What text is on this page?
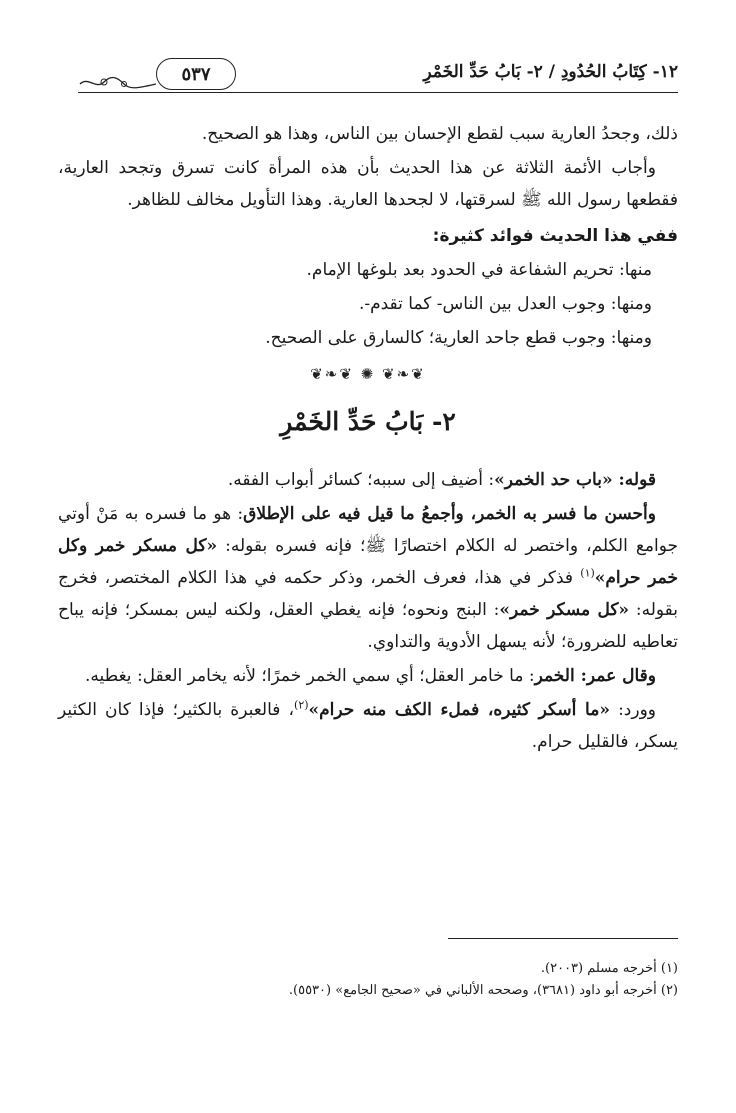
١٢- كِتَابُ الحُدُودِ / ٢- بَابُ حَدِّ الخَمْرِ
٥٣٧

ذلك، وجحدُ العارية سبب لقطع الإحسان بين الناس، وهذا هو الصحيح.

وأجاب الأئمة الثلاثة عن هذا الحديث بأن هذه المرأة كانت تسرق وتجحد العارية، فقطعها رسول الله ﷺ لسرقتها، لا لجحدها العارية. وهذا التأويل مخالف للظاهر.

ففي هذا الحديث فوائد كثيرة:

منها: تحريم الشفاعة في الحدود بعد بلوغها الإمام.

ومنها: وجوب العدل بين الناس- كما تقدم-.

ومنها: وجوب قطع جاحد العارية؛ كالسارق على الصحيح.

❦❧❦ ✺ ❦❧❦

٢- بَابُ حَدِّ الخَمْرِ

قوله: «باب حد الخمر»: أضيف إلى سببه؛ كسائر أبواب الفقه.

وأحسن ما فسر به الخمر، وأجمعُ ما قيل فيه على الإطلاق: هو ما فسره به مَنْ أوتي جوامع الكلم، واختصر له الكلام اختصارًا ﷺ؛ فإنه فسره بقوله: «كل مسكر خمر وكل خمر حرام»$^{(١)}$ فذكر في هذا، فعرف الخمر، وذكر حكمه في هذا الكلام المختصر، فخرج بقوله: «كل مسكر خمر»: البنج ونحوه؛ فإنه يغطي العقل، ولكنه ليس بمسكر؛ فإنه يباح تعاطيه للضرورة؛ لأنه يسهل الأدوية والتداوي.

وقال عمر: الخمر: ما خامر العقل؛ أي سمي الخمر خمرًا؛ لأنه يخامر العقل: يغطيه.

وورد: «ما أسكر كثيره، فملء الكف منه حرام»$^{(٢)}$، فالعبرة بالكثير؛ فإذا كان الكثير يسكر، فالقليل حرام.

(١) أخرجه مسلم (٢٠٠٣).
(٢) أخرجه أبو داود (٣٦٨١)، وصححه الألباني في «صحيح الجامع» (٥٥٣٠).
